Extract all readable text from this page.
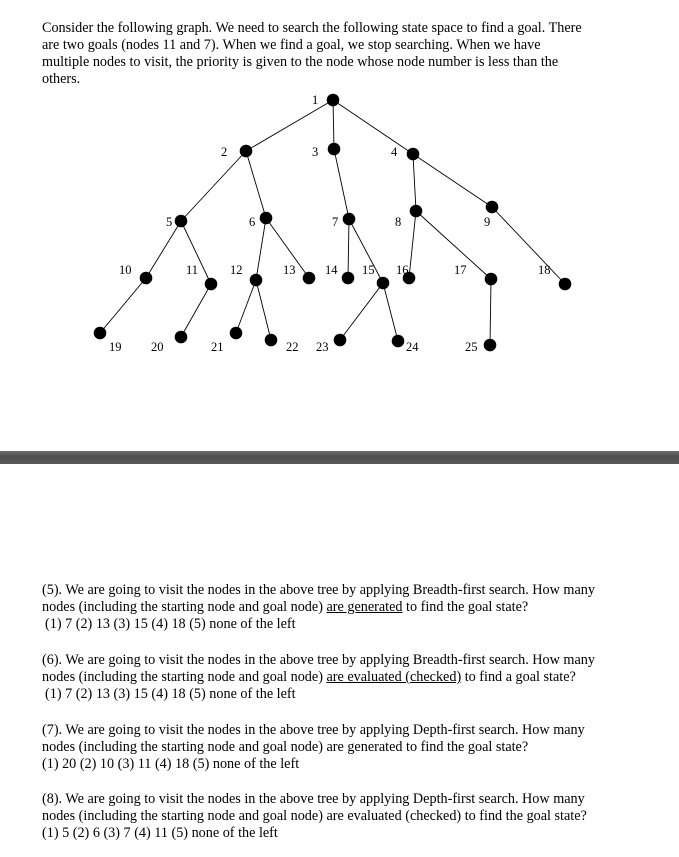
Consider the following graph. We need to search the following state space to find a goal. There
are two goals (nodes 11 and 7). When we find a goal, we stop searching. When we have
multiple nodes to visit, the priority is given to the node whose node number is less than the
others.

1
2	3	4
5	6	7	8	9
10	11	12	13 14 15 16	17	18
19 20	21	22 23	24	25

(5). We are going to visit the nodes in the above tree by applying Breadth-first search. How many
nodes (including the starting node and goal node) are generated to find the goal state?
(1) 7 (2) 13 (3) 15 (4) 18 (5) none of the left

(6). We are going to visit the nodes in the above tree by applying Breadth-first search. How many
nodes (including the starting node and goal node) are evaluated (checked) to find a goal state?
(1) 7 (2) 13 (3) 15 (4) 18 (5) none of the left

(7). We are going to visit the nodes in the above tree by applying Depth-first search. How many
nodes (including the starting node and goal node) are generated to find the goal state?
(1) 20 (2) 10 (3) 11 (4) 18 (5) none of the left

(8). We are going to visit the nodes in the above tree by applying Depth-first search. How many
nodes (including the starting node and goal node) are evaluated (checked) to find the goal state?
(1) 5 (2) 6 (3) 7 (4) 11 (5) none of the left
